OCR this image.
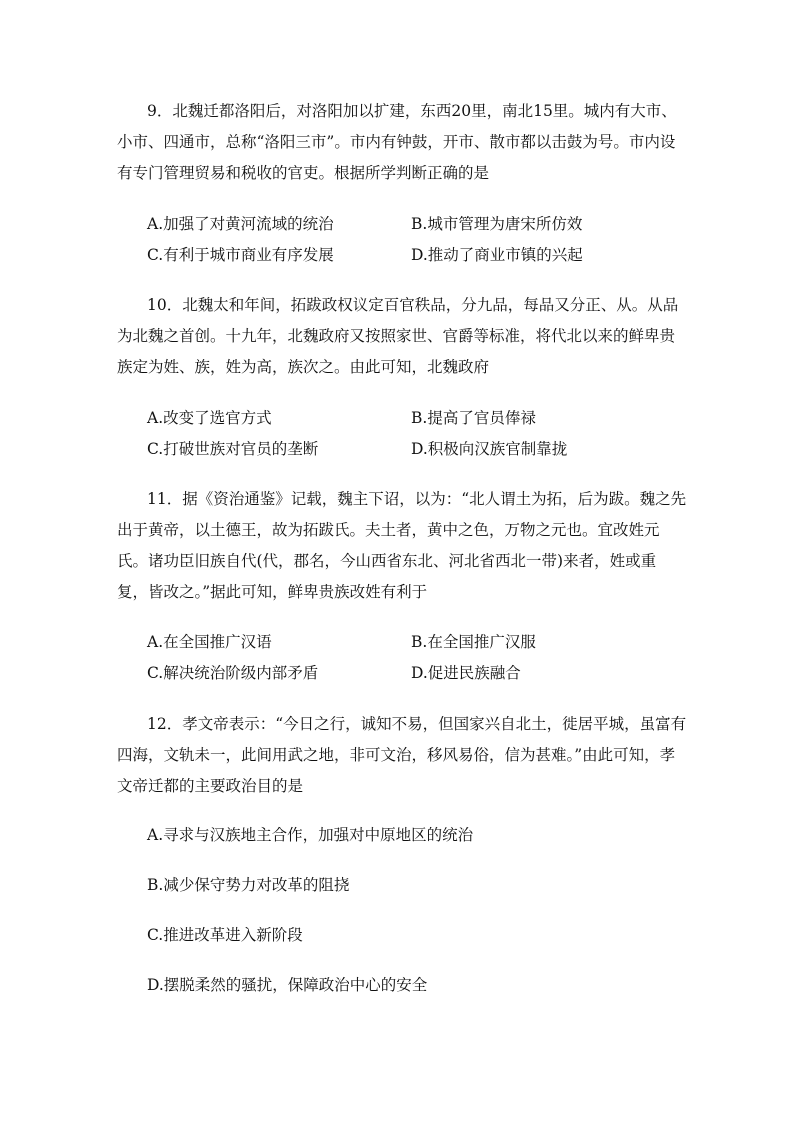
9．北魏迁都洛阳后，对洛阳加以扩建，东西20里，南北15里。城内有大市、小市、四通市，总称“洛阳三市”。市内有钟鼓，开市、散市都以击鼓为号。市内设有专门管理贸易和税收的官吏。根据所学判断正确的是

A.加强了对黄河流域的统治	B.城市管理为唐宋所仿效
C.有利于城市商业有序发展	D.推动了商业市镇的兴起

10．北魏太和年间，拓跋政权议定百官秩品，分九品，每品又分正、从。从品为北魏之首创。十九年，北魏政府又按照家世、官爵等标准，将代北以来的鲜卑贵族定为姓、族，姓为高，族次之。由此可知，北魏政府

A.改变了选官方式	B.提高了官员俸禄
C.打破世族对官员的垄断	D.积极向汉族官制靠拢

11．据《资治通鉴》记载，魏主下诏，以为：“北人谓土为拓，后为跋。魏之先出于黄帝，以土德王，故为拓跋氏。夫土者，黄中之色，万物之元也。宜改姓元氏。诸功臣旧族自代(代，郡名，今山西省东北、河北省西北一带)来者，姓或重复，皆改之。”据此可知，鲜卑贵族改姓有利于

A.在全国推广汉语	B.在全国推广汉服
C.解决统治阶级内部矛盾	D.促进民族融合

12．孝文帝表示：“今日之行，诚知不易，但国家兴自北土，徙居平城，虽富有四海，文轨未一，此间用武之地，非可文治，移风易俗，信为甚难。”由此可知，孝文帝迁都的主要政治目的是

A.寻求与汉族地主合作，加强对中原地区的统治
B.减少保守势力对改革的阻挠
C.推进改革进入新阶段
D.摆脱柔然的骚扰，保障政治中心的安全
